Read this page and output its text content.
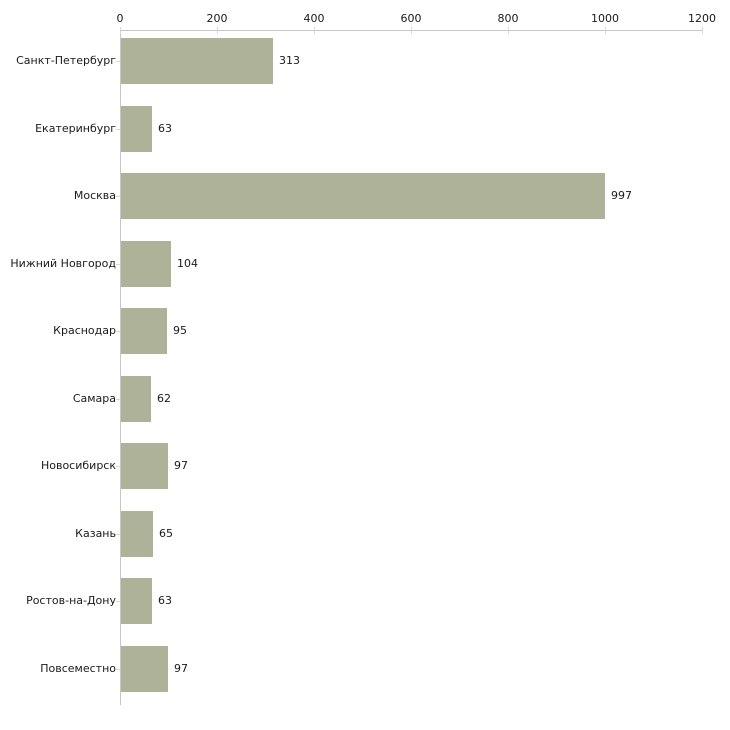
0	200	400	600	800	1000	1200
Санкт-Петербург	313
Екатеринбург	63
Москва	997
Нижний Новгород	104
Краснодар	95
Самара	62
Новосибирск	97
Казань	65
Ростов-на-Дону	63
Повсеместно	97
